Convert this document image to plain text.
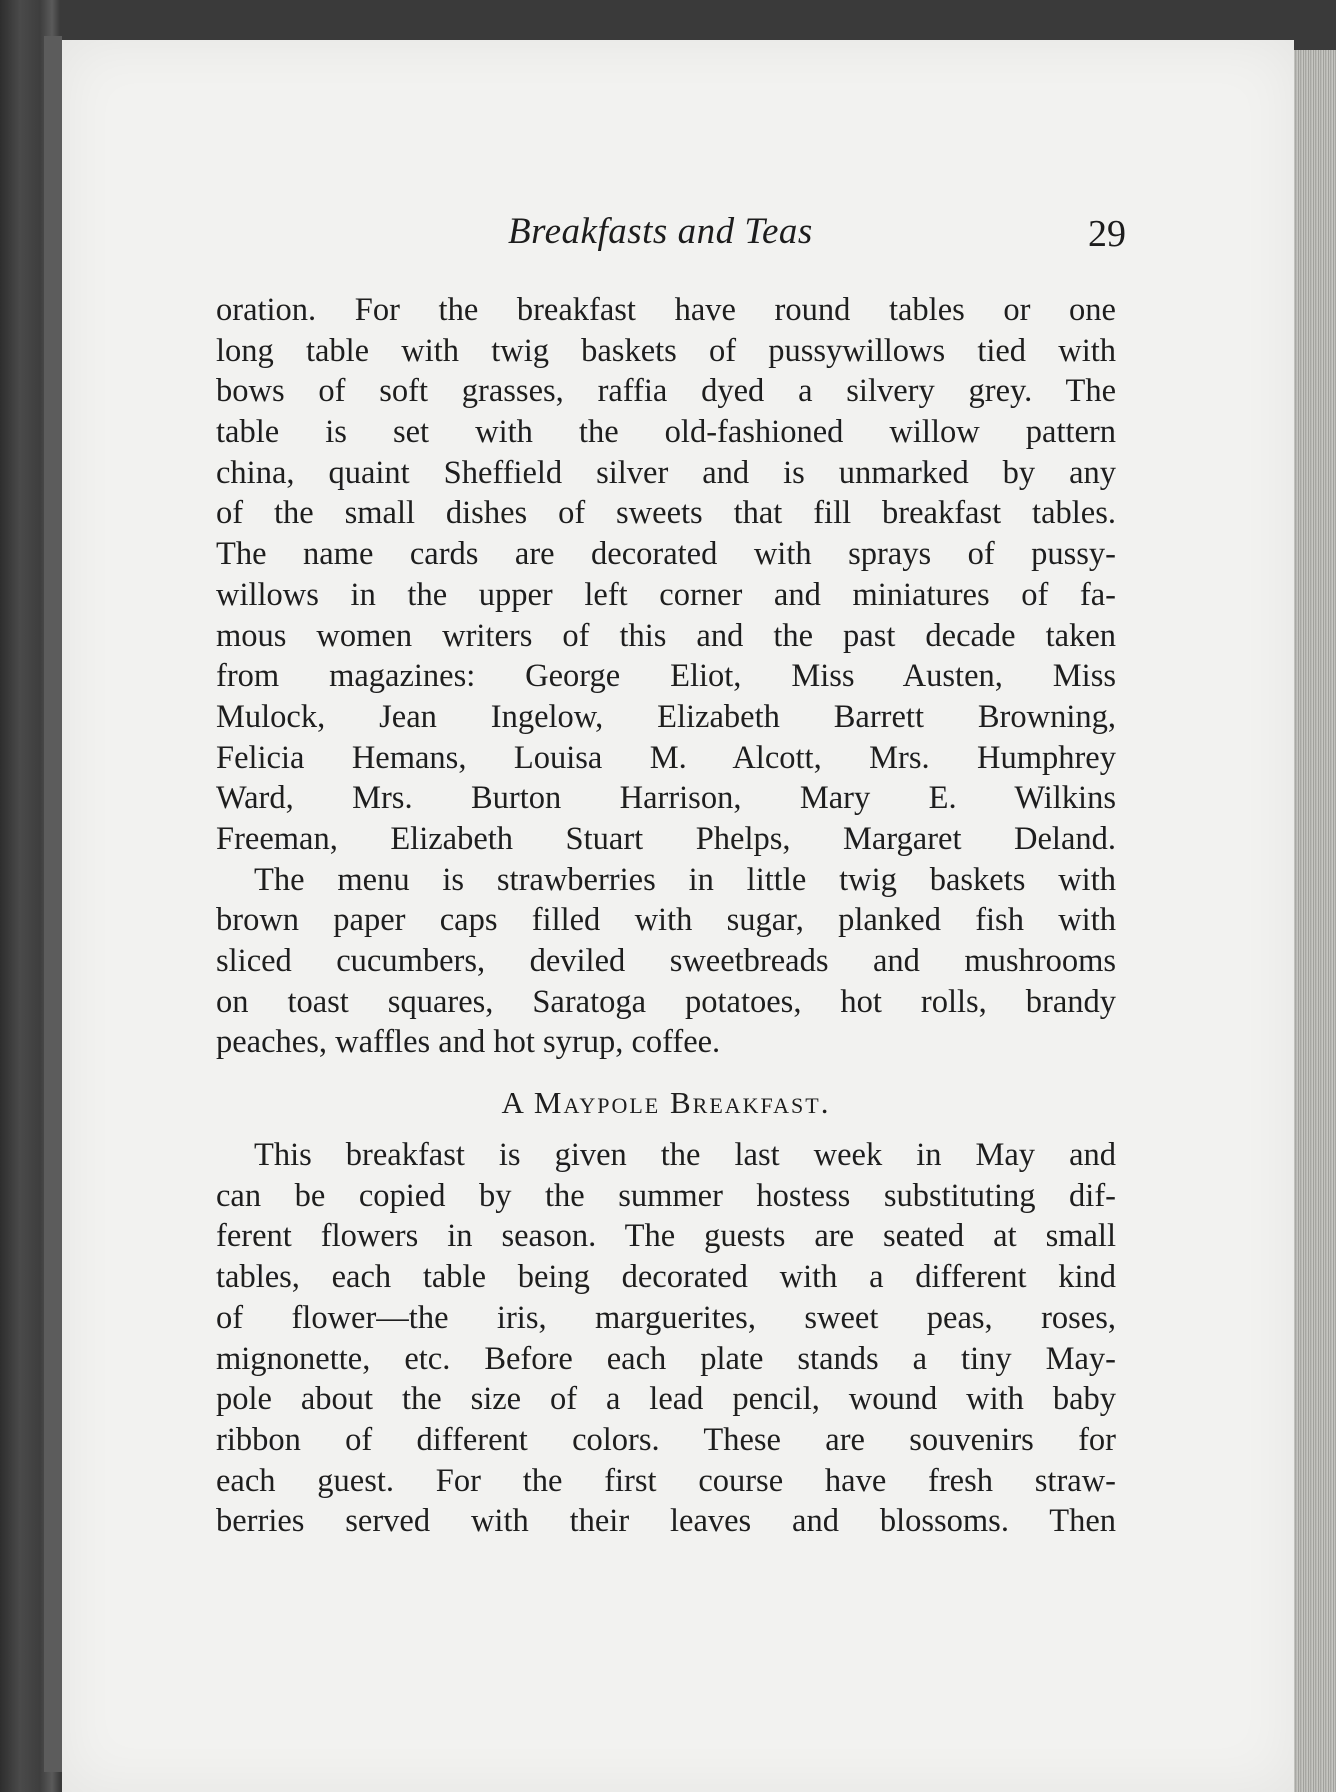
Breakfasts and Teas	29
oration. For the breakfast have round tables or one
long table with twig baskets of pussywillows tied with
bows of soft grasses, raffia dyed a silvery grey. The
table is set with the old-fashioned willow pattern
china, quaint Sheffield silver and is unmarked by any
of the small dishes of sweets that fill breakfast tables.
The name cards are decorated with sprays of pussy-
willows in the upper left corner and miniatures of fa-
mous women writers of this and the past decade taken
from magazines: George Eliot, Miss Austen, Miss
Mulock, Jean Ingelow, Elizabeth Barrett Browning,
Felicia Hemans, Louisa M. Alcott, Mrs. Humphrey
Ward, Mrs. Burton Harrison, Mary E. Wilkins
Freeman, Elizabeth Stuart Phelps, Margaret Deland.
The menu is strawberries in little twig baskets with
brown paper caps filled with sugar, planked fish with
sliced cucumbers, deviled sweetbreads and mushrooms
on toast squares, Saratoga potatoes, hot rolls, brandy
peaches, waffles and hot syrup, coffee.
A Maypole Breakfast.
This breakfast is given the last week in May and
can be copied by the summer hostess substituting dif-
ferent flowers in season. The guests are seated at small
tables, each table being decorated with a different kind
of flower—the iris, marguerites, sweet peas, roses,
mignonette, etc. Before each plate stands a tiny May-
pole about the size of a lead pencil, wound with baby
ribbon of different colors. These are souvenirs for
each guest. For the first course have fresh straw-
berries served with their leaves and blossoms. Then
